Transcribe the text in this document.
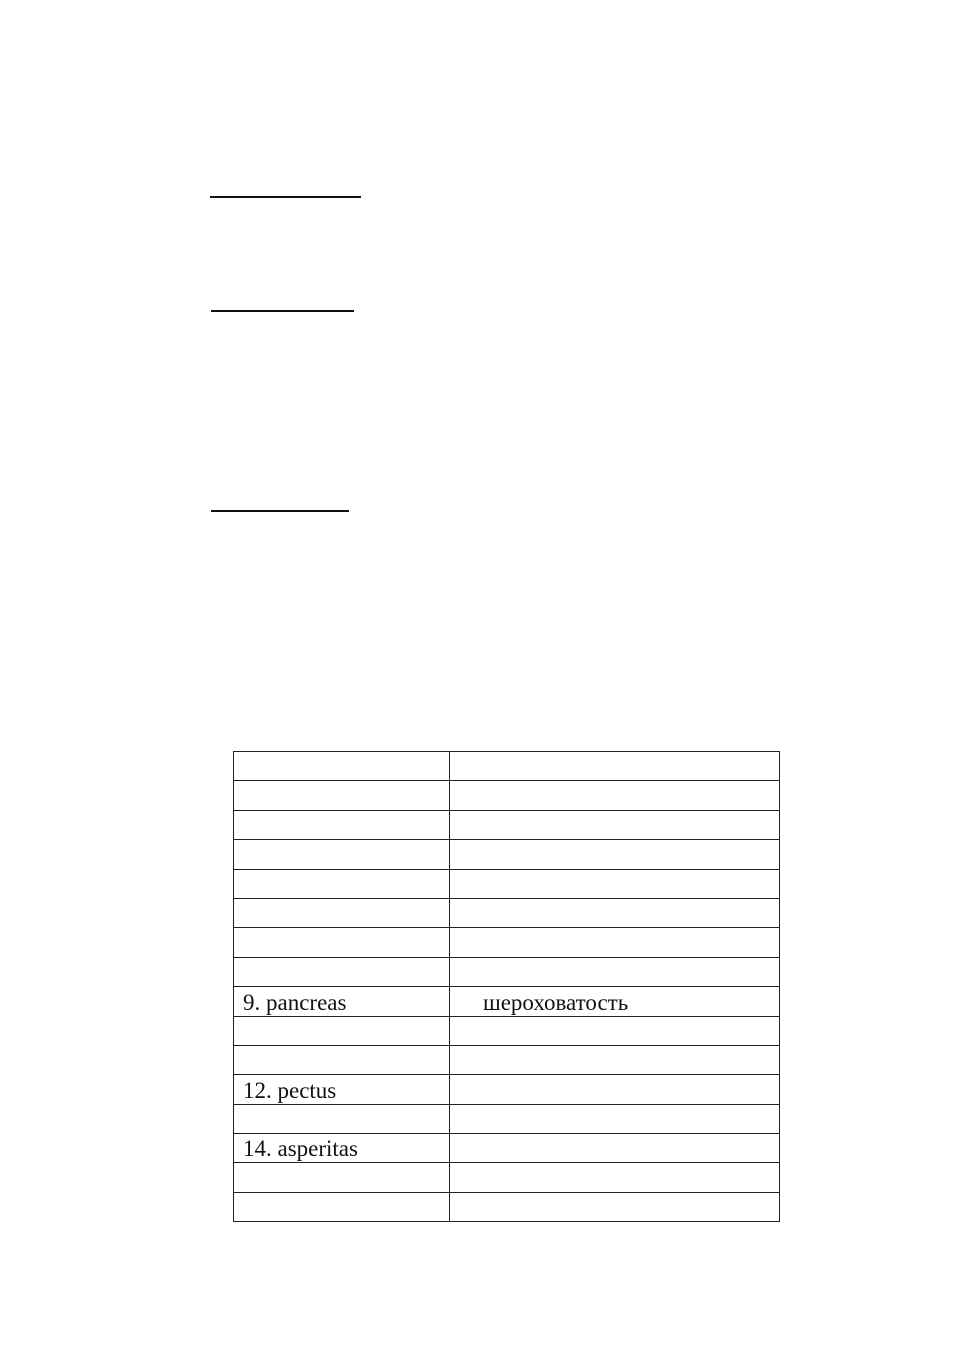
9. pancreas	шероховатость

12. pectus	

14. asperitas	
